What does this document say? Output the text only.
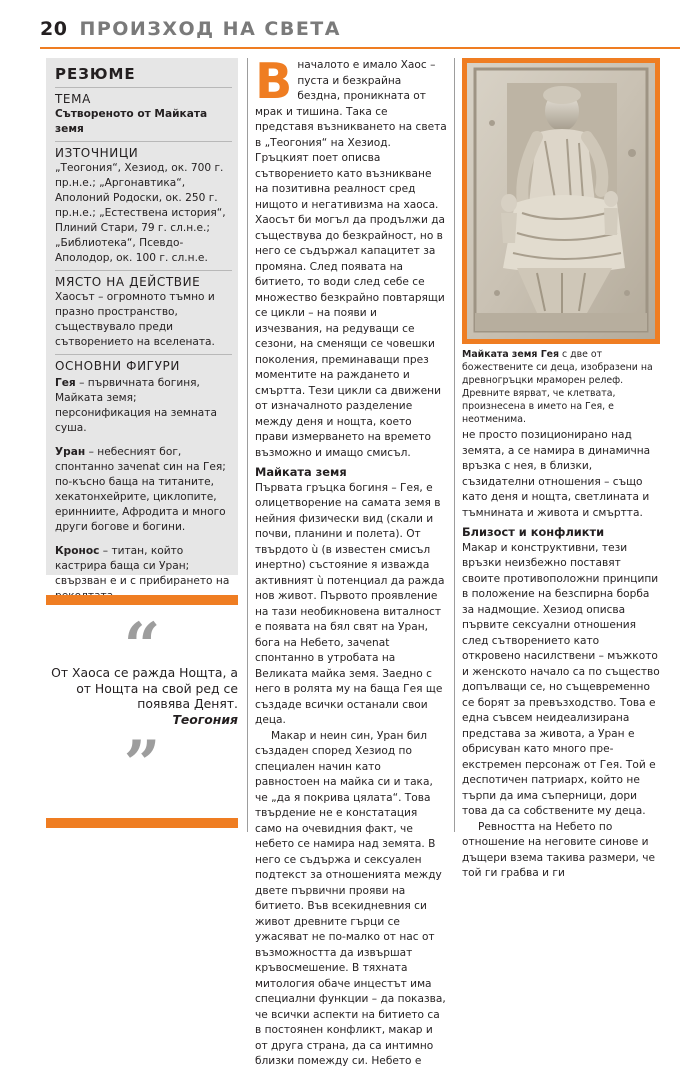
20 ПРОИЗХОД НА СВЕТА
РЕЗЮМЕ
ТЕМА
Сътвореното от Майката земя
ИЗТОЧНИЦИ
„Теогония“, Хезиод, ок. 700 г. пр.н.е.; „Аргонавтика“, Аполоний Родоски, ок. 250 г. пр.н.е.; „Естествена история“, Плиний Стари, 79 г. сл.н.е.; „Библиотека“, Псевдо-Аполодор, ок. 100 г. сл.н.е.
МЯСТО НА ДЕЙСТВИЕ
Хаосът – огромното тъмно и празно пространство, съществувало преди сътворението на вселената.
ОСНОВНИ ФИГУРИ

Гея – първичната богиня, Майката земя; персонификация на земната суша.

Уран – небесният бог, спонтанно зачenat син на Гея; по-късно баща на титаните, хекатонхейрите, циклопите, еринниите, Афродита и много други богове и богини.

Кронос – титан, който кастрира баща си Уран; свързван е и с прибирането на

“
От Хаоса се ражда Нощта, а от Нощта на свой ред се появява Денят.
Теогония
”

Вначалото е имало Хаос – пуста и безкрайна бездна, проникната от мрак и тишина. Така се представя възникването на света в „Теогония“ на Хезиод. Гръцкият поет описва сътворението като възникване на позитивна реалност сред нищото и негативизма на хаоса. Хаосът би могъл да продължи да съществува до безкрайност, но в него се съдържал капацитет за промяна. След появата на битието, то води след себе се множество безкрайно повтарящи се цикли – на появи и изчезвания, на редуващи се сезони, на сменящи се човешки поколения, преминаващи през моментите на раждането и смъртта. Тези цикли са движени от изначалното разделение между деня и нощта, което прави измерването на времето възможно и имащо смисъл.

Майката земя

Първата гръцка богиня – Гея, е олицетворение на самата земя в нейния физически вид (скали и почви, планини и полета). От твърдото ù (в известен смисъл инертно) състояние я изважда активният ù потенциал да ражда нов живот. Първото проявление на тази необикновена виталност е появата на бял свят на Уран, бога на Небето, зачеnat спонтанно в утробата на Великата майка земя. Заедно с него в ролята му на баща Гея ще създаде всички останали свои деца.

Макар и неин син, Уран бил създаден според Хезиод по специален начин като равностоен на майка си и така, че „да я покрива цялата“. Това твърдение не е констатация само на очевидния факт, че небето се намира над земята. В него се съдържа и сексуален подтекст за отношенията между двете първични прояви на битието. Във всекидневния си живот древните гърци се ужасяват не по-малко от нас от възможността да извършат кръвосмешение. В тяхната митология обаче инцестът има специални функции – да показва, че всички аспекти на битието са в постоянен конфликт, макар и от друга страна, да са интимно близки помежду си. Небето е

Майката земя Гея с две от божествените си деца, изобразени на древногръцки мраморен релеф. Древните вярват, че клетвата, произнесена в името на Гея, е неотменима.

не просто позиционирано над земята, а се намира в динамична връзка с нея, в близки, съзидателни отношения – също като деня и нощта, светлината и тъмнината и живота и смъртта.

Близост и конфликти

Макар и конструктивни, тези връзки неизбежно поставят своите противоположни принципи в положение на безспирна борба за надмощие. Хезиод описва първите сексуални отношения след сътворението като откровено насилствени – мъжкото и женското начало са по същество допълващи се, но същевременно се борят за превъзходство. Това е една съвсем неидеализирана представа за живота, а Уран е обрисуван като много пре-екстремен персонаж от Гея. Той е деспотичен патриарх, който не търпи да има съперници, дори това да са собствените му деца.

Ревността на Небето по отношение на неговите синове и дъщери взема такива размери, че той ги грабва и ги
